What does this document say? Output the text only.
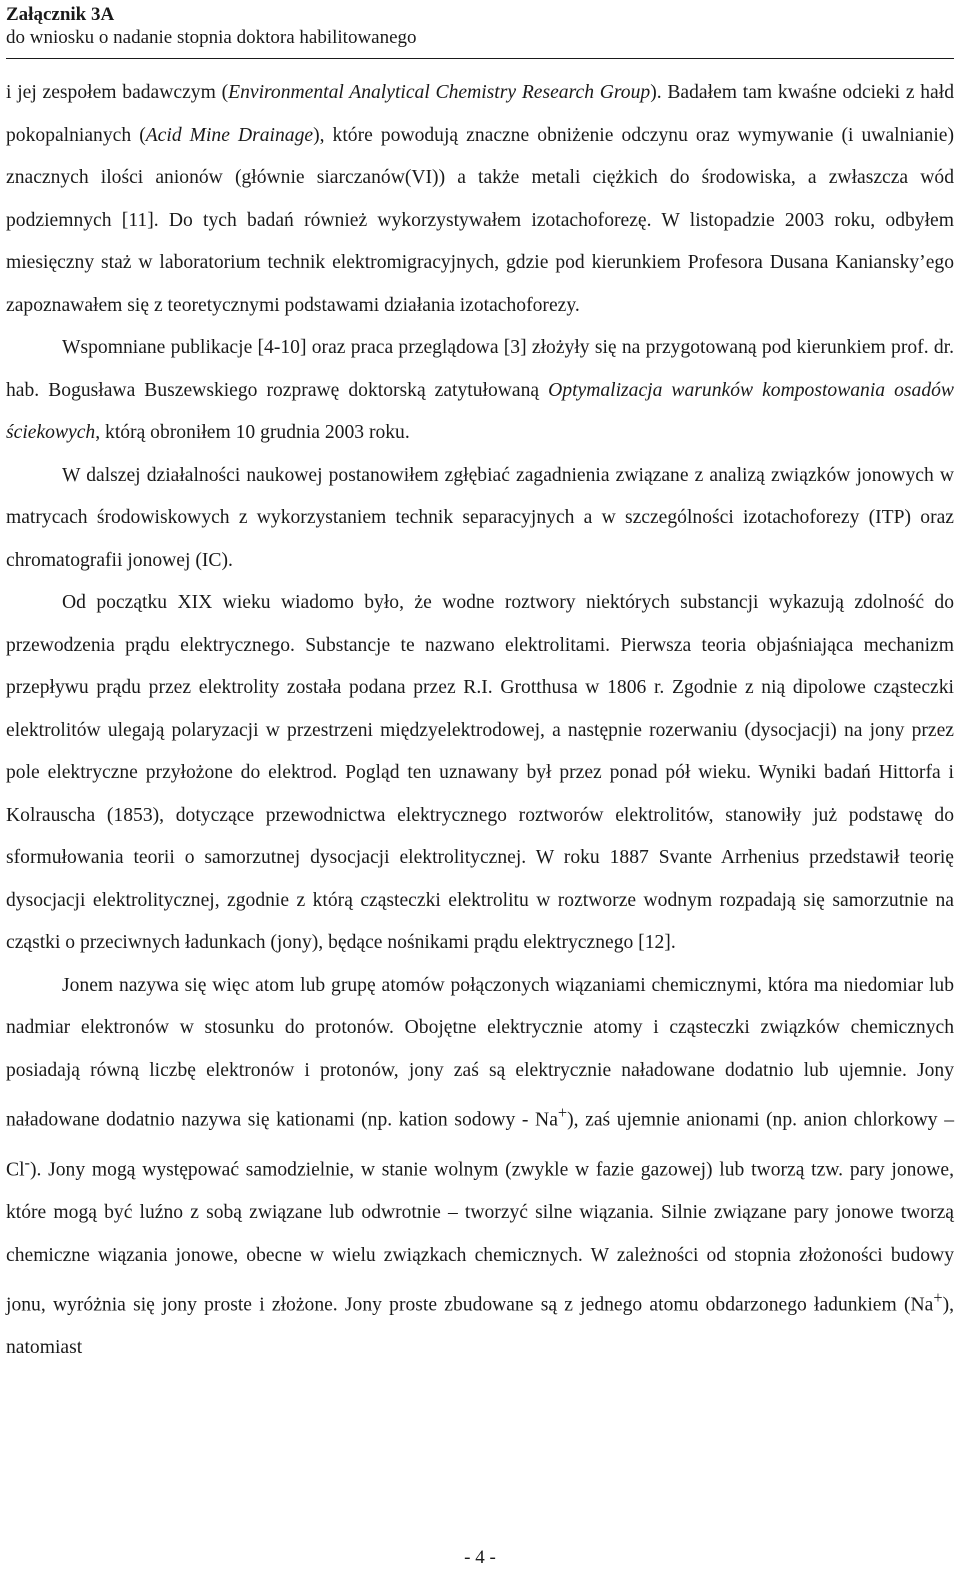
Załącznik 3A

do wniosku o nadanie stopnia doktora habilitowanego

i jej zespołem badawczym (Environmental Analytical Chemistry Research Group). Badałem tam kwaśne odcieki z hałd pokopalnianych (Acid Mine Drainage), które powodują znaczne obniżenie odczynu oraz wymywanie (i uwalnianie) znacznych ilości anionów (głównie siarczanów(VI)) a także metali ciężkich do środowiska, a zwłaszcza wód podziemnych [11]. Do tych badań również wykorzystywałem izotachoforezę. W listopadzie 2003 roku, odbyłem miesięczny staż w laboratorium technik elektromigracyjnych, gdzie pod kierunkiem Profesora Dusana Kaniansky’ego zapoznawałem się z teoretycznymi podstawami działania izotachoforezy.

Wspomniane publikacje [4-10] oraz praca przeglądowa [3] złożyły się na przygotowaną pod kierunkiem prof. dr. hab. Bogusława Buszewskiego rozprawę doktorską zatytułowaną Optymalizacja warunków kompostowania osadów ściekowych, którą obroniłem 10 grudnia 2003 roku.

W dalszej działalności naukowej postanowiłem zgłębiać zagadnienia związane z analizą związków jonowych w matrycach środowiskowych z wykorzystaniem technik separacyjnych a w szczególności izotachoforezy (ITP) oraz chromatografii jonowej (IC).

Od początku XIX wieku wiadomo było, że wodne roztwory niektórych substancji wykazują zdolność do przewodzenia prądu elektrycznego. Substancje te nazwano elektrolitami. Pierwsza teoria objaśniająca mechanizm przepływu prądu przez elektrolity została podana przez R.I. Grotthusa w 1806 r. Zgodnie z nią dipolowe cząsteczki elektrolitów ulegają polaryzacji w przestrzeni międzyelektrodowej, a następnie rozerwaniu (dysocjacji) na jony przez pole elektryczne przyłożone do elektrod. Pogląd ten uznawany był przez ponad pół wieku. Wyniki badań Hittorfa i Kolrauscha (1853), dotyczące przewodnictwa elektrycznego roztworów elektrolitów, stanowiły już podstawę do sformułowania teorii o samorzutnej dysocjacji elektrolitycznej. W roku 1887 Svante Arrhenius przedstawił teorię dysocjacji elektrolitycznej, zgodnie z którą cząsteczki elektrolitu w roztworze wodnym rozpadają się samorzutnie na cząstki o przeciwnych ładunkach (jony), będące nośnikami prądu elektrycznego [12].

Jonem nazywa się więc atom lub grupę atomów połączonych wiązaniami chemicznymi, która ma niedomiar lub nadmiar elektronów w stosunku do protonów. Obojętne elektrycznie atomy i cząsteczki związków chemicznych posiadają równą liczbę elektronów i protonów, jony zaś są elektrycznie naładowane dodatnio lub ujemnie. Jony naładowane dodatnio nazywa się kationami (np. kation sodowy - Na+), zaś ujemnie anionami (np. anion chlorkowy – Cl-). Jony mogą występować samodzielnie, w stanie wolnym (zwykle w fazie gazowej) lub tworzą tzw. pary jonowe, które mogą być luźno z sobą związane lub odwrotnie – tworzyć silne wiązania. Silnie związane pary jonowe tworzą chemiczne wiązania jonowe, obecne w wielu związkach chemicznych. W zależności od stopnia złożoności budowy jonu, wyróżnia się jony proste i złożone. Jony proste zbudowane są z jednego atomu obdarzonego ładunkiem (Na+), natomiast

- 4 -
